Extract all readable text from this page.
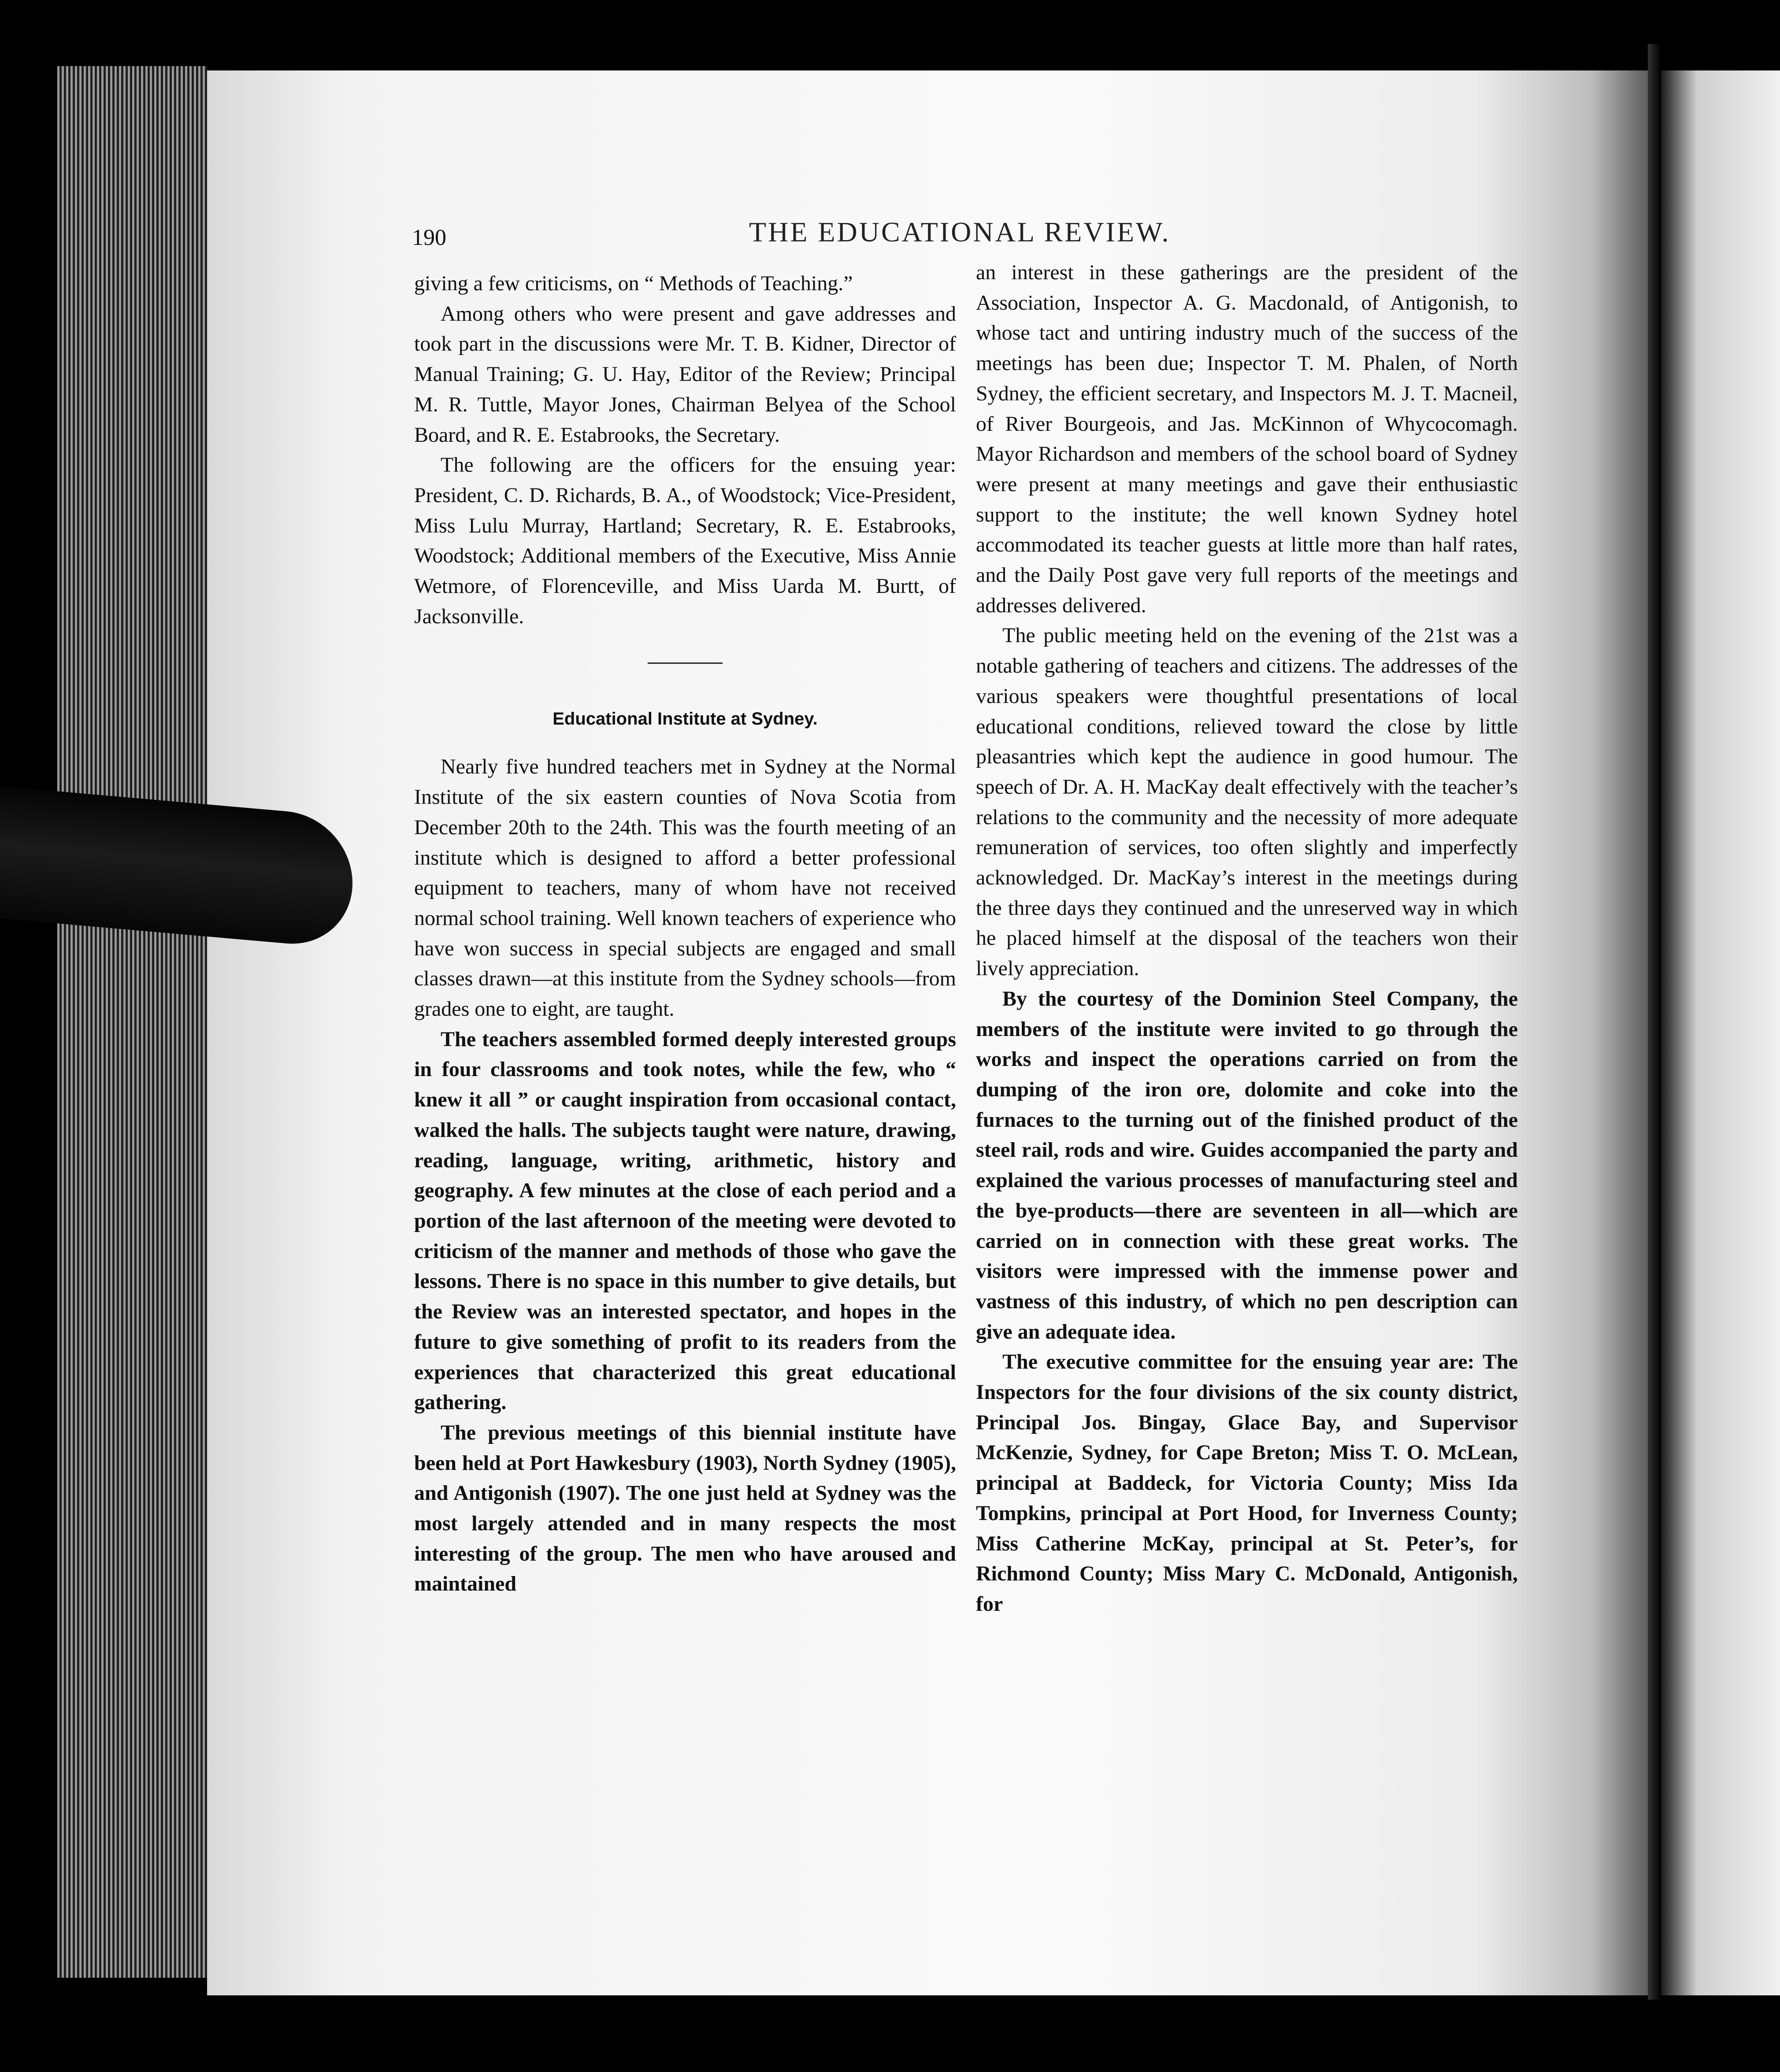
190	THE EDUCATIONAL REVIEW.

giving a few criticisms, on “ Methods of Teaching.”

Among others who were present and gave addresses and took part in the discussions were Mr. T. B. Kidner, Director of Manual Training; G. U. Hay, Editor of the Review; Principal M. R. Tuttle, Mayor Jones, Chairman Belyea of the School Board, and R. E. Estabrooks, the Secretary.

The following are the officers for the ensuing year: President, C. D. Richards, B. A., of Woodstock; Vice-President, Miss Lulu Murray, Hartland; Secretary, R. E. Estabrooks, Woodstock; Additional members of the Executive, Miss Annie Wetmore, of Florenceville, and Miss Uarda M. Burtt, of Jacksonville.

Educational Institute at Sydney.

Nearly five hundred teachers met in Sydney at the Normal Institute of the six eastern counties of Nova Scotia from December 20th to the 24th. This was the fourth meeting of an institute which is designed to afford a better professional equipment to teachers, many of whom have not received normal school training. Well known teachers of experience who have won success in special subjects are engaged and small classes drawn—at this institute from the Sydney schools—from grades one to eight, are taught.

The teachers assembled formed deeply interested groups in four classrooms and took notes, while the few, who “ knew it all ” or caught inspiration from occasional contact, walked the halls. The subjects taught were nature, drawing, reading, language, writing, arithmetic, history and geography. A few minutes at the close of each period and a portion of the last afternoon of the meeting were devoted to criticism of the manner and methods of those who gave the lessons. There is no space in this number to give details, but the Review was an interested spectator, and hopes in the future to give something of profit to its readers from the experiences that characterized this great educational gathering.

The previous meetings of this biennial institute have been held at Port Hawkesbury (1903), North Sydney (1905), and Antigonish (1907). The one just held at Sydney was the most largely attended and in many respects the most interesting of the group. The men who have aroused and maintained

an interest in these gatherings are the president of the Association, Inspector A. G. Macdonald, of Antigonish, to whose tact and untiring industry much of the success of the meetings has been due; Inspector T. M. Phalen, of North Sydney, the efficient secretary, and Inspectors M. J. T. Macneil, of River Bourgeois, and Jas. McKinnon of Whycocomagh. Mayor Richardson and members of the school board of Sydney were present at many meetings and gave their enthusiastic support to the institute; the well known Sydney hotel accommodated its teacher guests at little more than half rates, and the Daily Post gave very full reports of the meetings and addresses delivered.

The public meeting held on the evening of the 21st was a notable gathering of teachers and citizens. The addresses of the various speakers were thoughtful presentations of local educational conditions, relieved toward the close by little pleasantries which kept the audience in good humour. The speech of Dr. A. H. MacKay dealt effectively with the teacher’s relations to the community and the necessity of more adequate remuneration of services, too often slightly and imperfectly acknowledged. Dr. MacKay’s interest in the meetings during the three days they continued and the unreserved way in which he placed himself at the disposal of the teachers won their lively appreciation.

By the courtesy of the Dominion Steel Company, the members of the institute were invited to go through the works and inspect the operations carried on from the dumping of the iron ore, dolomite and coke into the furnaces to the turning out of the finished product of the steel rail, rods and wire. Guides accompanied the party and explained the various processes of manufacturing steel and the bye-products—there are seventeen in all—which are carried on in connection with these great works. The visitors were impressed with the immense power and vastness of this industry, of which no pen description can give an adequate idea.

The executive committee for the ensuing year are: The Inspectors for the four divisions of the six county district, Principal Jos. Bingay, Glace Bay, and Supervisor McKenzie, Sydney, for Cape Breton; Miss T. O. McLean, principal at Baddeck, for Victoria County; Miss Ida Tompkins, principal at Port Hood, for Inverness County; Miss Catherine McKay, principal at St. Peter’s, for Richmond County; Miss Mary C. McDonald, Antigonish, for
